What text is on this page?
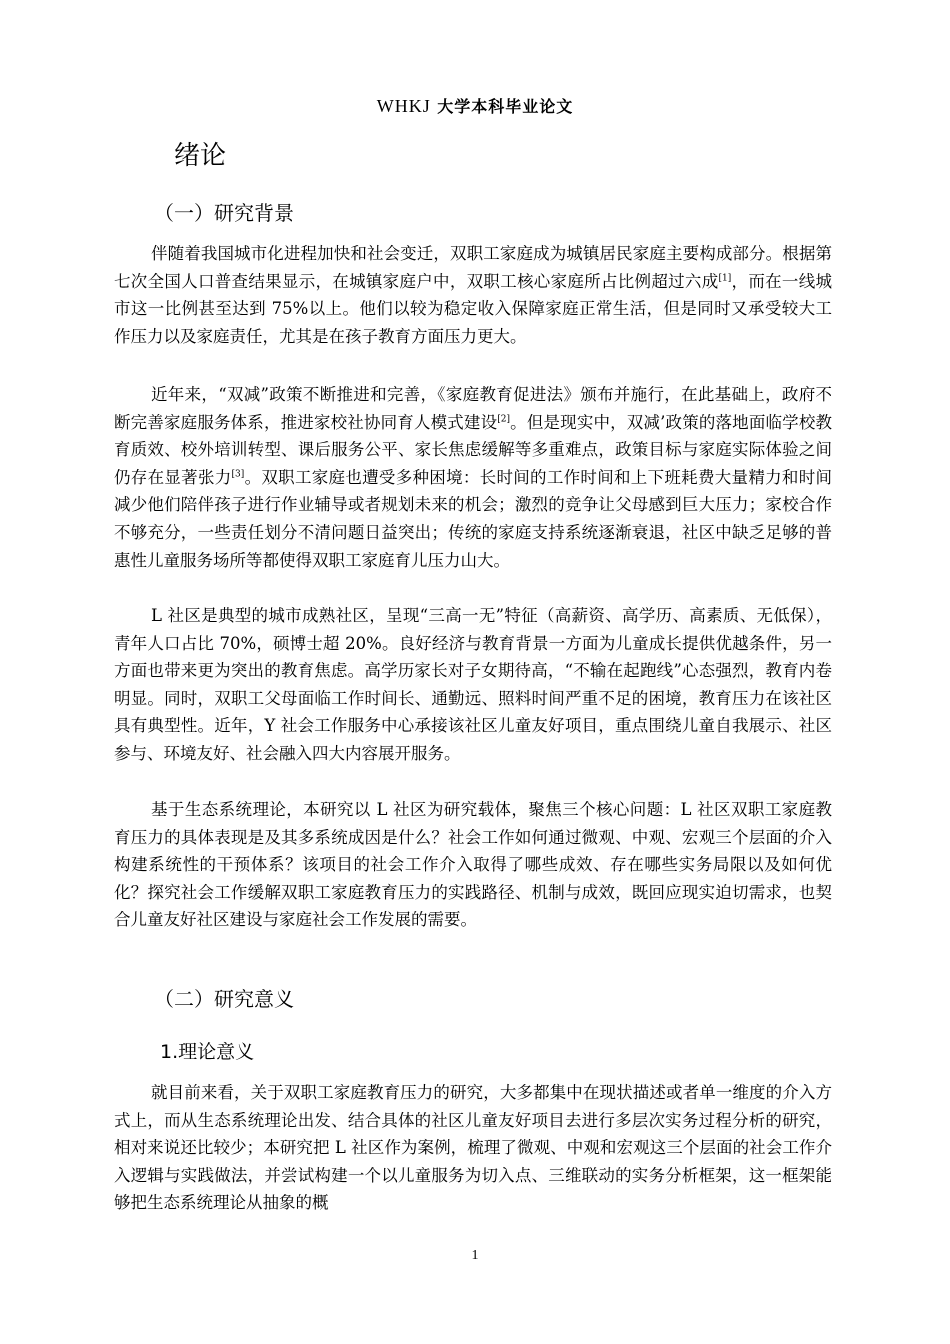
WHKJ 大学本科毕业论文
绪论
（一）研究背景

伴随着我国城市化进程加快和社会变迁，双职工家庭成为城镇居民家庭主要构成部分。根据第七次全国人口普查结果显示，在城镇家庭户中，双职工核心家庭所占比例超过六成[1]，而在一线城市这一比例甚至达到 75%以上。他们以较为稳定收入保障家庭正常生活，但是同时又承受较大工作压力以及家庭责任，尤其是在孩子教育方面压力更大。

近年来，“双减”政策不断推进和完善，《家庭教育促进法》颁布并施行，在此基础上，政府不断完善家庭服务体系，推进家校社协同育人模式建设[2]。但是现实中，双减’政策的落地面临学校教育质效、校外培训转型、课后服务公平、家长焦虑缓解等多重难点，政策目标与家庭实际体验之间仍存在显著张力[3]。双职工家庭也遭受多种困境：长时间的工作时间和上下班耗费大量精力和时间减少他们陪伴孩子进行作业辅导或者规划未来的机会；激烈的竞争让父母感到巨大压力；家校合作不够充分，一些责任划分不清问题日益突出；传统的家庭支持系统逐渐衰退，社区中缺乏足够的普惠性儿童服务场所等都使得双职工家庭育儿压力山大。

L 社区是典型的城市成熟社区，呈现“三高一无”特征（高薪资、高学历、高素质、无低保），青年人口占比 70%，硕博士超 20%。良好经济与教育背景一方面为儿童成长提供优越条件，另一方面也带来更为突出的教育焦虑。高学历家长对子女期待高，“不输在起跑线”心态强烈，教育内卷明显。同时，双职工父母面临工作时间长、通勤远、照料时间严重不足的困境，教育压力在该社区具有典型性。近年，Y 社会工作服务中心承接该社区儿童友好项目，重点围绕儿童自我展示、社区参与、环境友好、社会融入四大内容展开服务。

基于生态系统理论，本研究以 L 社区为研究载体，聚焦三个核心问题：L 社区双职工家庭教育压力的具体表现是及其多系统成因是什么？社会工作如何通过微观、中观、宏观三个层面的介入构建系统性的干预体系？该项目的社会工作介入取得了哪些成效、存在哪些实务局限以及如何优化？探究社会工作缓解双职工家庭教育压力的实践路径、机制与成效，既回应现实迫切需求，也契合儿童友好社区建设与家庭社会工作发展的需要。

（二）研究意义
1.理论意义

就目前来看，关于双职工家庭教育压力的研究，大多都集中在现状描述或者单一维度的介入方式上，而从生态系统理论出发、结合具体的社区儿童友好项目去进行多层次实务过程分析的研究，相对来说还比较少；本研究把 L 社区作为案例，梳理了微观、中观和宏观这三个层面的社会工作介入逻辑与实践做法，并尝试构建一个以儿童服务为切入点、三维联动的实务分析框架，这一框架能够把生态系统理论从抽象的概

1
